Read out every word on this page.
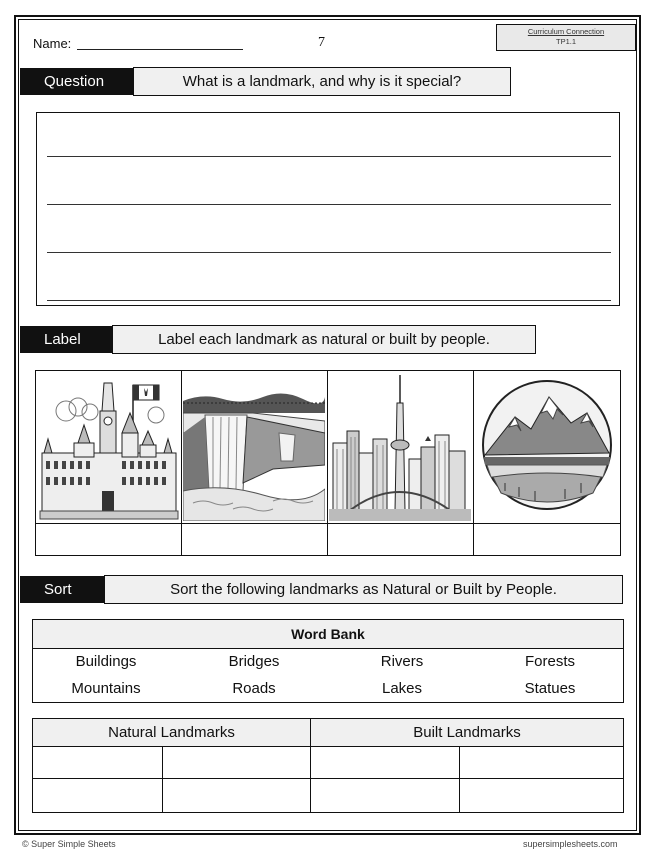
Name:	7
Curriculum Connection
TP1.1
Question	What is a landmark, and why is it special?
Label	Label each landmark as natural or built by people.
Sort	Sort the following landmarks as Natural or Built by People.
Word Bank
Buildings	Bridges	Rivers	Forests
Mountains	Roads	Lakes	Statues
Natural Landmarks	Built Landmarks
© Super Simple Sheets	supersimplesheets.com
